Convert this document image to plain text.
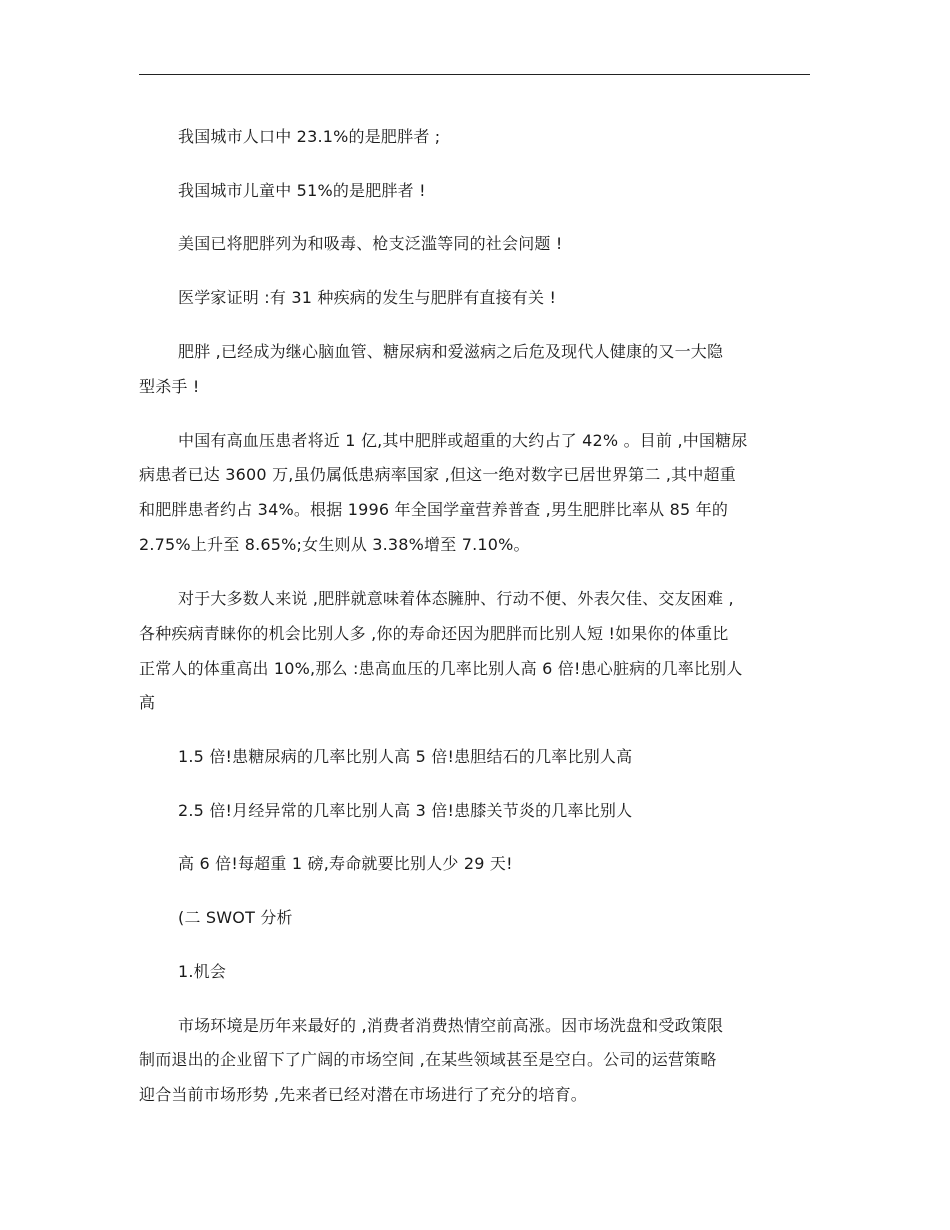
我国城市人口中 23.1%的是肥胖者 ;
我国城市儿童中 51%的是肥胖者 !
美国已将肥胖列为和吸毒、枪支泛滥等同的社会问题 !
医学家证明 :有 31 种疾病的发生与肥胖有直接有关 !
肥胖 ,已经成为继心脑血管、糖尿病和爱滋病之后危及现代人健康的又一大隐
型杀手 !
中国有高血压患者将近 1 亿,其中肥胖或超重的大约占了 42% 。目前 ,中国糖尿
病患者已达 3600 万,虽仍属低患病率国家 ,但这一绝对数字已居世界第二 ,其中超重
和肥胖患者约占 34%。根据 1996 年全国学童营养普查 ,男生肥胖比率从 85 年的
2.75%上升至 8.65%;女生则从 3.38%增至 7.10%。
对于大多数人来说 ,肥胖就意味着体态臃肿、行动不便、外表欠佳、交友困难 ,
各种疾病青睐你的机会比别人多 ,你的寿命还因为肥胖而比别人短 !如果你的体重比
正常人的体重高出 10%,那么 :患高血压的几率比别人高 6 倍!患心脏病的几率比别人
高
1.5 倍!患糖尿病的几率比别人高 5 倍!患胆结石的几率比别人高
2.5 倍!月经异常的几率比别人高 3 倍!患膝关节炎的几率比别人
高 6 倍!每超重 1 磅,寿命就要比别人少 29 天!
(二 SWOT 分析
1.机会
市场环境是历年来最好的 ,消费者消费热情空前高涨。因市场洗盘和受政策限
制而退出的企业留下了广阔的市场空间 ,在某些领域甚至是空白。公司的运营策略
迎合当前市场形势 ,先来者已经对潜在市场进行了充分的培育。
